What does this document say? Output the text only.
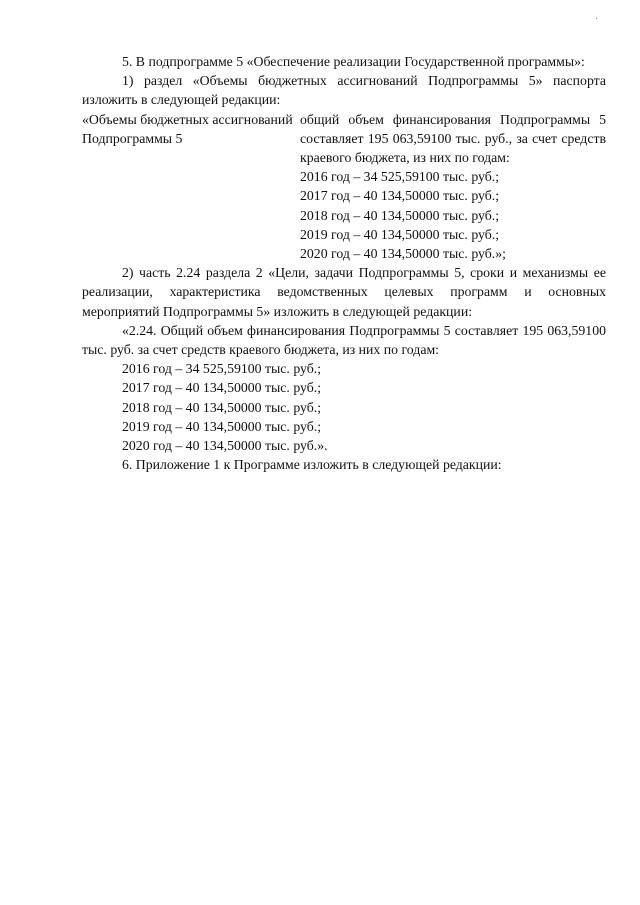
·

5. В подпрограмме 5 «Обеспечение реализации Государственной программы»:

1) раздел «Объемы бюджетных ассигнований Подпрограммы 5» паспорта изложить в следующей редакции:

«Объемы бюджетных ассигнований Подпрограммы 5

общий объем финансирования Подпрограммы 5 составляет 195 063,59100 тыс. руб., за счет средств краевого бюджета, из них по годам:

2016 год – 34 525,59100 тыс. руб.;

2017 год – 40 134,50000 тыс. руб.;

2018 год – 40 134,50000 тыс. руб.;

2019 год – 40 134,50000 тыс. руб.;

2020 год – 40 134,50000 тыс. руб.»;

2) часть 2.24 раздела 2 «Цели, задачи Подпрограммы 5, сроки и механизмы ее реализации, характеристика ведомственных целевых программ и основных мероприятий Подпрограммы 5» изложить в следующей редакции:

«2.24. Общий объем финансирования Подпрограммы 5 составляет 195 063,59100 тыс. руб. за счет средств краевого бюджета, из них по годам:

2016 год – 34 525,59100 тыс. руб.;

2017 год – 40 134,50000 тыс. руб.;

2018 год – 40 134,50000 тыс. руб.;

2019 год – 40 134,50000 тыс. руб.;

2020 год – 40 134,50000 тыс. руб.».

6. Приложение 1 к Программе изложить в следующей редакции:
